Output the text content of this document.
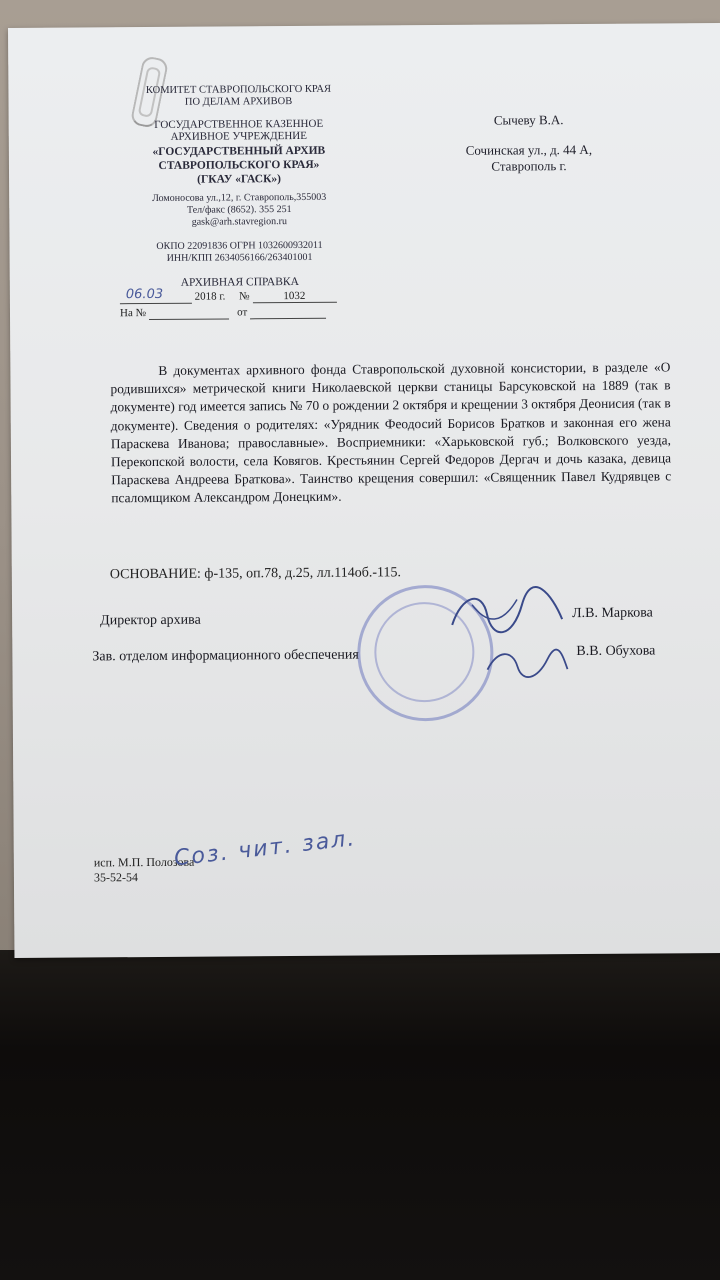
КОМИТЕТ СТАВРОПОЛЬСКОГО КРАЯ
ПО ДЕЛАМ АРХИВОВ
ГОСУДАРСТВЕННОЕ КАЗЕННОЕ
АРХИВНОЕ УЧРЕЖДЕНИЕ
«ГОСУДАРСТВЕННЫЙ АРХИВ
СТАВРОПОЛЬСКОГО КРАЯ»
(ГКАУ «ГАСК»)
Ломоносова ул.,12, г. Ставрополь,355003
Тел/факс (8652). 355 251
gask@arh.stavregion.ru
ОКПО 22091836 ОГРН 1032600932011
ИНН/КПП 2634056166/263401001
Сычеву В.А.
Сочинская ул., д. 44 А,
Ставрополь г.
АРХИВНАЯ СПРАВКА
06.03	2018 г. №	1032
На №	от

В документах архивного фонда Ставропольской духовной консистории, в разделе «О родившихся» метрической книги Николаевской церкви станицы Барсуковской на 1889 (так в документе) год имеется запись № 70 о рождении 2 октября и крещении 3 октября Деонисия (так в документе). Сведения о родителях: «Урядник Феодосий Борисов Братков и законная его жена Параскева Иванова; православные». Восприемники: «Харьковской губ.; Волковского уезда, Перекопской волости, села Ковягов. Крестьянин Сергей Федоров Дергач и дочь казака, девица Параскева Андреева Браткова». Таинство крещения совершил: «Священник Павел Кудрявцев с псаломщиком Александром Донецким».

ОСНОВАНИЕ: ф-135, оп.78, д.25, лл.114об.-115.
Директор архива	Л.В. Маркова
Зав. отделом информационного обеспечения	В.В. Обухова
исп. М.П. Полозова
35-52-54
Соз. чит. зал.
